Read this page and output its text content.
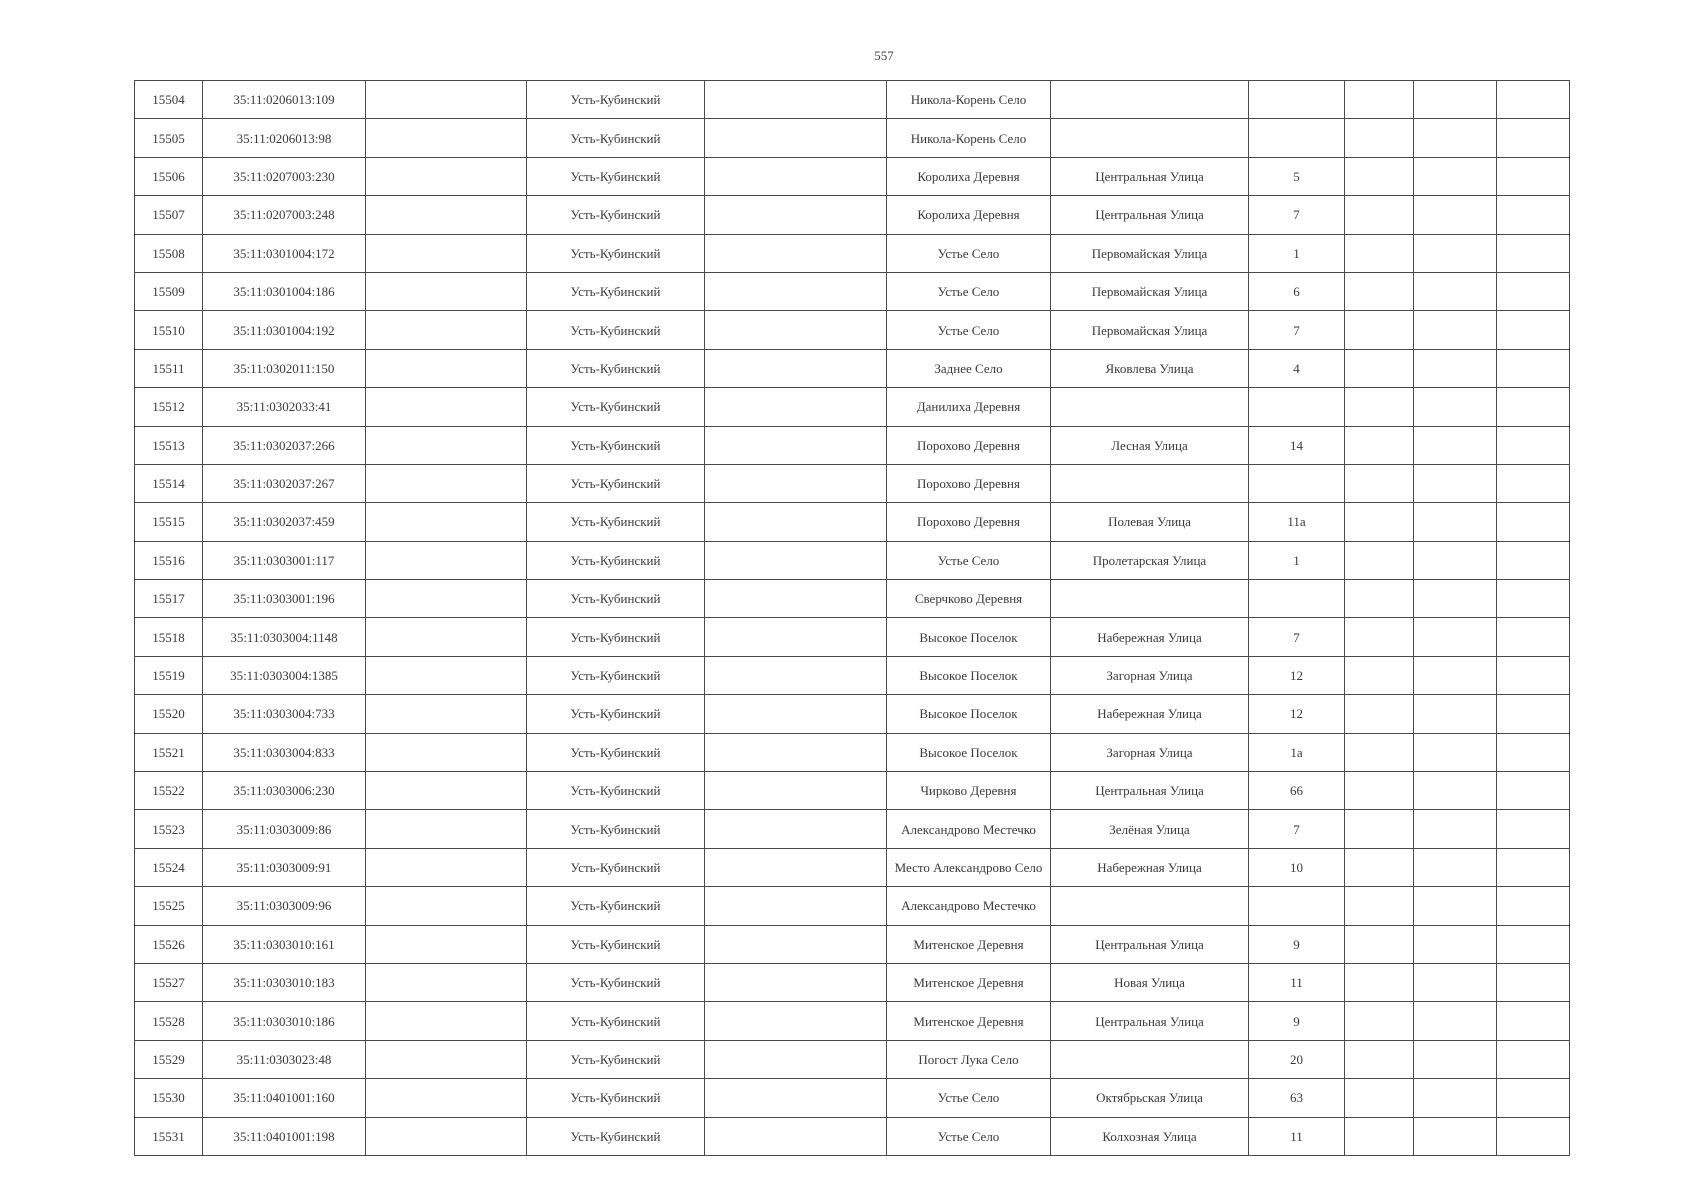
557
15504	35:11:0206013:109		Усть-Кубинский		Никола-Корень Село					
15505	35:11:0206013:98		Усть-Кубинский		Никола-Корень Село					
15506	35:11:0207003:230		Усть-Кубинский		Королиха Деревня	Центральная Улица	5			
15507	35:11:0207003:248		Усть-Кубинский		Королиха Деревня	Центральная Улица	7			
15508	35:11:0301004:172		Усть-Кубинский		Устье Село	Первомайская Улица	1			
15509	35:11:0301004:186		Усть-Кубинский		Устье Село	Первомайская Улица	6			
15510	35:11:0301004:192		Усть-Кубинский		Устье Село	Первомайская Улица	7			
15511	35:11:0302011:150		Усть-Кубинский		Заднее Село	Яковлева Улица	4			
15512	35:11:0302033:41		Усть-Кубинский		Данилиха Деревня					
15513	35:11:0302037:266		Усть-Кубинский		Порохово Деревня	Лесная Улица	14			
15514	35:11:0302037:267		Усть-Кубинский		Порохово Деревня					
15515	35:11:0302037:459		Усть-Кубинский		Порохово Деревня	Полевая Улица	11а			
15516	35:11:0303001:117		Усть-Кубинский		Устье Село	Пролетарская Улица	1			
15517	35:11:0303001:196		Усть-Кубинский		Сверчково Деревня					
15518	35:11:0303004:1148		Усть-Кубинский		Высокое Поселок	Набережная Улица	7			
15519	35:11:0303004:1385		Усть-Кубинский		Высокое Поселок	Загорная Улица	12			
15520	35:11:0303004:733		Усть-Кубинский		Высокое Поселок	Набережная Улица	12			
15521	35:11:0303004:833		Усть-Кубинский		Высокое Поселок	Загорная Улица	1а			
15522	35:11:0303006:230		Усть-Кубинский		Чирково Деревня	Центральная Улица	66			
15523	35:11:0303009:86		Усть-Кубинский		Александрово Местечко	Зелёная Улица	7			
15524	35:11:0303009:91		Усть-Кубинский		Место Александрово Село	Набережная Улица	10			
15525	35:11:0303009:96		Усть-Кубинский		Александрово Местечко					
15526	35:11:0303010:161		Усть-Кубинский		Митенское Деревня	Центральная Улица	9			
15527	35:11:0303010:183		Усть-Кубинский		Митенское Деревня	Новая Улица	11			
15528	35:11:0303010:186		Усть-Кубинский		Митенское Деревня	Центральная Улица	9			
15529	35:11:0303023:48		Усть-Кубинский		Погост Лука Село		20			
15530	35:11:0401001:160		Усть-Кубинский		Устье Село	Октябрьская Улица	63			
15531	35:11:0401001:198		Усть-Кубинский		Устье Село	Колхозная Улица	11			
